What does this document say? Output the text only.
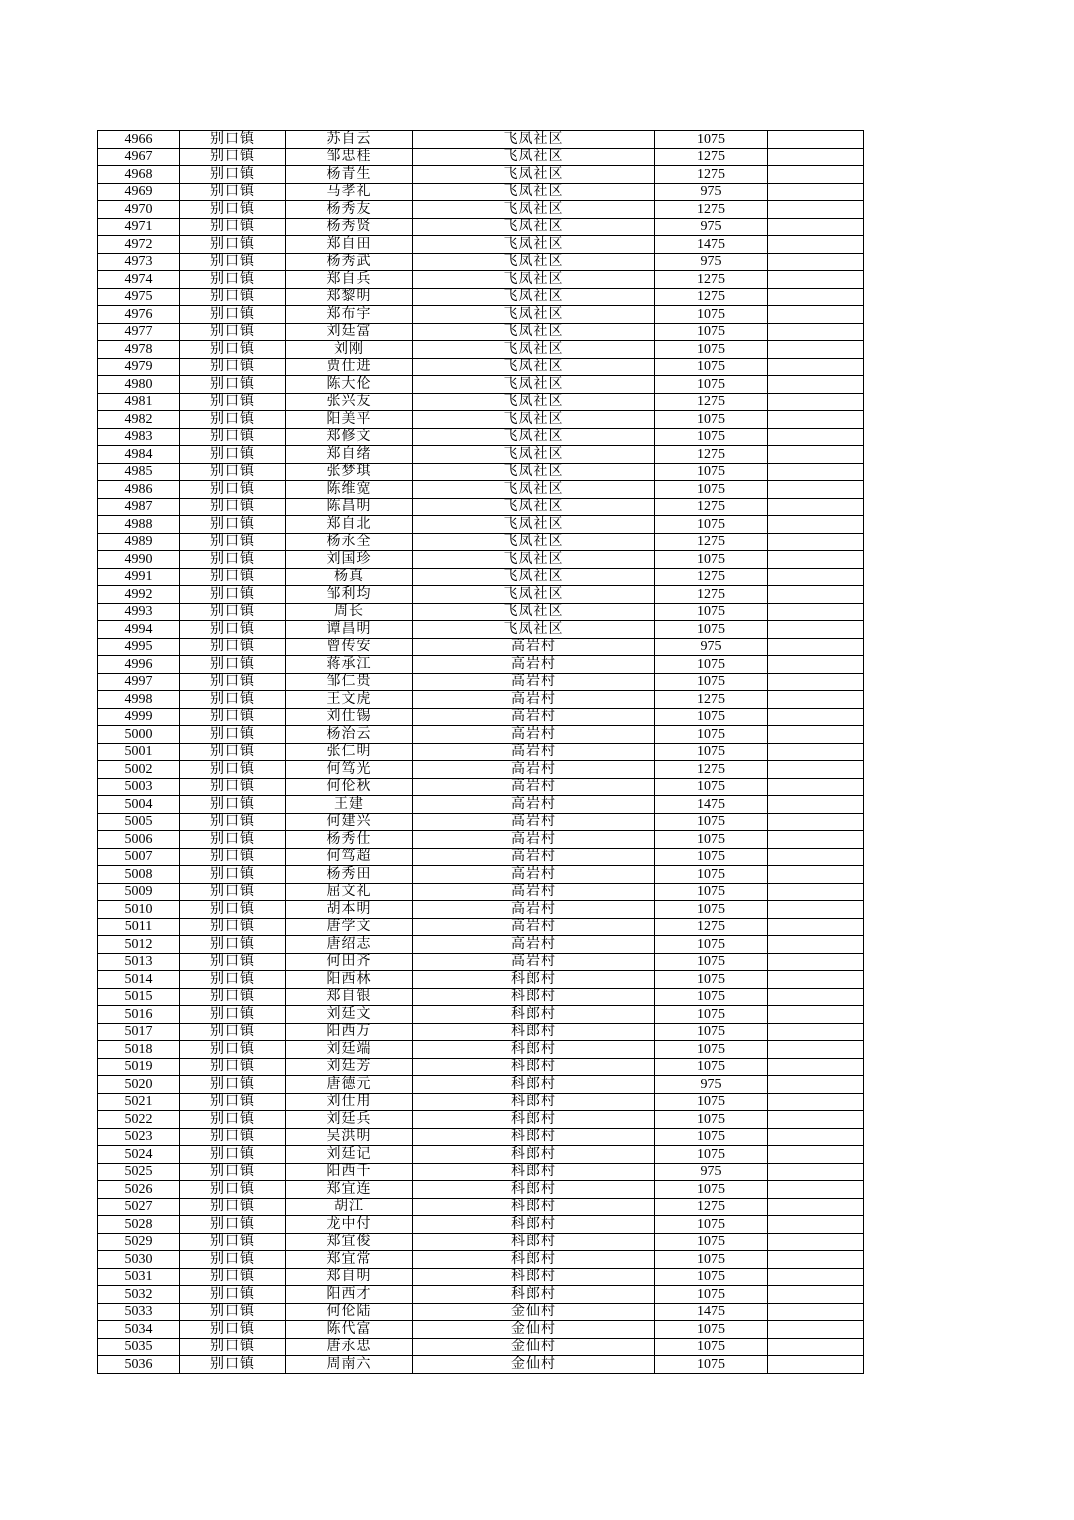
4966	别口镇	苏自云	飞凤社区	1075	
4967	别口镇	邹忠桂	飞凤社区	1275	
4968	别口镇	杨青生	飞凤社区	1275	
4969	别口镇	马孝礼	飞凤社区	975	
4970	别口镇	杨秀友	飞凤社区	1275	
4971	别口镇	杨秀贤	飞凤社区	975	
4972	别口镇	郑自田	飞凤社区	1475	
4973	别口镇	杨秀武	飞凤社区	975	
4974	别口镇	郑自兵	飞凤社区	1275	
4975	别口镇	郑黎明	飞凤社区	1275	
4976	别口镇	郑布宇	飞凤社区	1075	
4977	别口镇	刘廷富	飞凤社区	1075	
4978	别口镇	刘刚	飞凤社区	1075	
4979	别口镇	贾仕进	飞凤社区	1075	
4980	别口镇	陈大伦	飞凤社区	1075	
4981	别口镇	张兴友	飞凤社区	1275	
4982	别口镇	阳美平	飞凤社区	1075	
4983	别口镇	郑修文	飞凤社区	1075	
4984	别口镇	郑自绪	飞凤社区	1275	
4985	别口镇	张梦琪	飞凤社区	1075	
4986	别口镇	陈维宽	飞凤社区	1075	
4987	别口镇	陈昌明	飞凤社区	1275	
4988	别口镇	郑自北	飞凤社区	1075	
4989	别口镇	杨永全	飞凤社区	1275	
4990	别口镇	刘国珍	飞凤社区	1075	
4991	别口镇	杨真	飞凤社区	1275	
4992	别口镇	邹利均	飞凤社区	1275	
4993	别口镇	周长	飞凤社区	1075	
4994	别口镇	谭昌明	飞凤社区	1075	
4995	别口镇	曾传安	高岩村	975	
4996	别口镇	蒋承江	高岩村	1075	
4997	别口镇	邹仁贵	高岩村	1075	
4998	别口镇	王文虎	高岩村	1275	
4999	别口镇	刘仕锡	高岩村	1075	
5000	别口镇	杨治云	高岩村	1075	
5001	别口镇	张仁明	高岩村	1075	
5002	别口镇	何笃光	高岩村	1275	
5003	别口镇	何伦秋	高岩村	1075	
5004	别口镇	王建	高岩村	1475	
5005	别口镇	何建兴	高岩村	1075	
5006	别口镇	杨秀仕	高岩村	1075	
5007	别口镇	何笃超	高岩村	1075	
5008	别口镇	杨秀田	高岩村	1075	
5009	别口镇	屈文礼	高岩村	1075	
5010	别口镇	胡本明	高岩村	1075	
5011	别口镇	唐学文	高岩村	1275	
5012	别口镇	唐绍志	高岩村	1075	
5013	别口镇	何田齐	高岩村	1075	
5014	别口镇	阳西林	科郎村	1075	
5015	别口镇	郑自银	科郎村	1075	
5016	别口镇	刘廷文	科郎村	1075	
5017	别口镇	阳西万	科郎村	1075	
5018	别口镇	刘廷端	科郎村	1075	
5019	别口镇	刘廷芳	科郎村	1075	
5020	别口镇	唐德元	科郎村	975	
5021	别口镇	刘仕用	科郎村	1075	
5022	别口镇	刘廷兵	科郎村	1075	
5023	别口镇	吴洪明	科郎村	1075	
5024	别口镇	刘廷记	科郎村	1075	
5025	别口镇	阳西千	科郎村	975	
5026	别口镇	郑宜连	科郎村	1075	
5027	别口镇	胡江	科郎村	1275	
5028	别口镇	龙中付	科郎村	1075	
5029	别口镇	郑宜俊	科郎村	1075	
5030	别口镇	郑宜常	科郎村	1075	
5031	别口镇	郑自明	科郎村	1075	
5032	别口镇	阳西才	科郎村	1075	
5033	别口镇	何伦陆	金仙村	1475	
5034	别口镇	陈代富	金仙村	1075	
5035	别口镇	唐永忠	金仙村	1075	
5036	别口镇	周南六	金仙村	1075	
